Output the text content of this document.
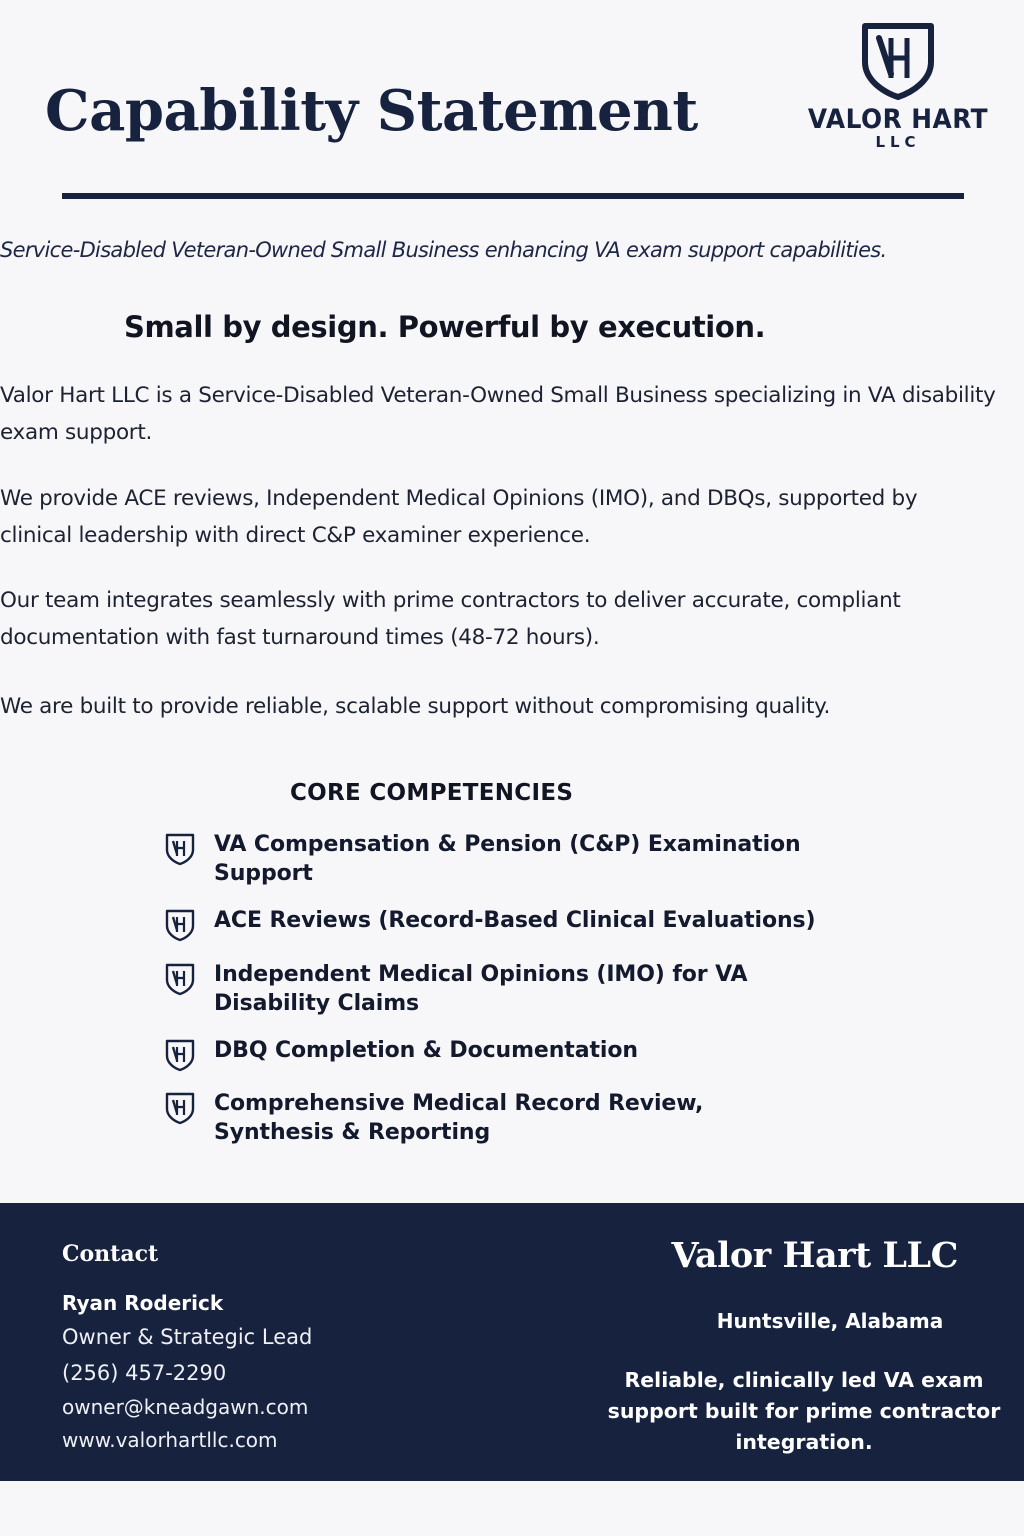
Capability Statement	VALOR HART
LLC

Service-Disabled Veteran-Owned Small Business enhancing VA exam support capabilities.

Small by design. Powerful by execution.

Valor Hart LLC is a Service-Disabled Veteran-Owned Small Business specializing in VA disability exam support.

We provide ACE reviews, Independent Medical Opinions (IMO), and DBQs, supported by clinical leadership with direct C&P examiner experience.

Our team integrates seamlessly with prime contractors to deliver accurate, compliant documentation with fast turnaround times (48-72 hours).

We are built to provide reliable, scalable support without compromising quality.

CORE COMPETENCIES
VA Compensation & Pension (C&P) Examination Support
ACE Reviews (Record-Based Clinical Evaluations)
Independent Medical Opinions (IMO) for VA Disability Claims
DBQ Completion & Documentation
Comprehensive Medical Record Review, Synthesis & Reporting
Contact
Ryan Roderick
Owner & Strategic Lead
(256) 457-2290
owner@kneadgawn.com
www.valorhartllc.com
Valor Hart LLC
Huntsville, Alabama
Reliable, clinically led VA exam support built for prime contractor integration.
